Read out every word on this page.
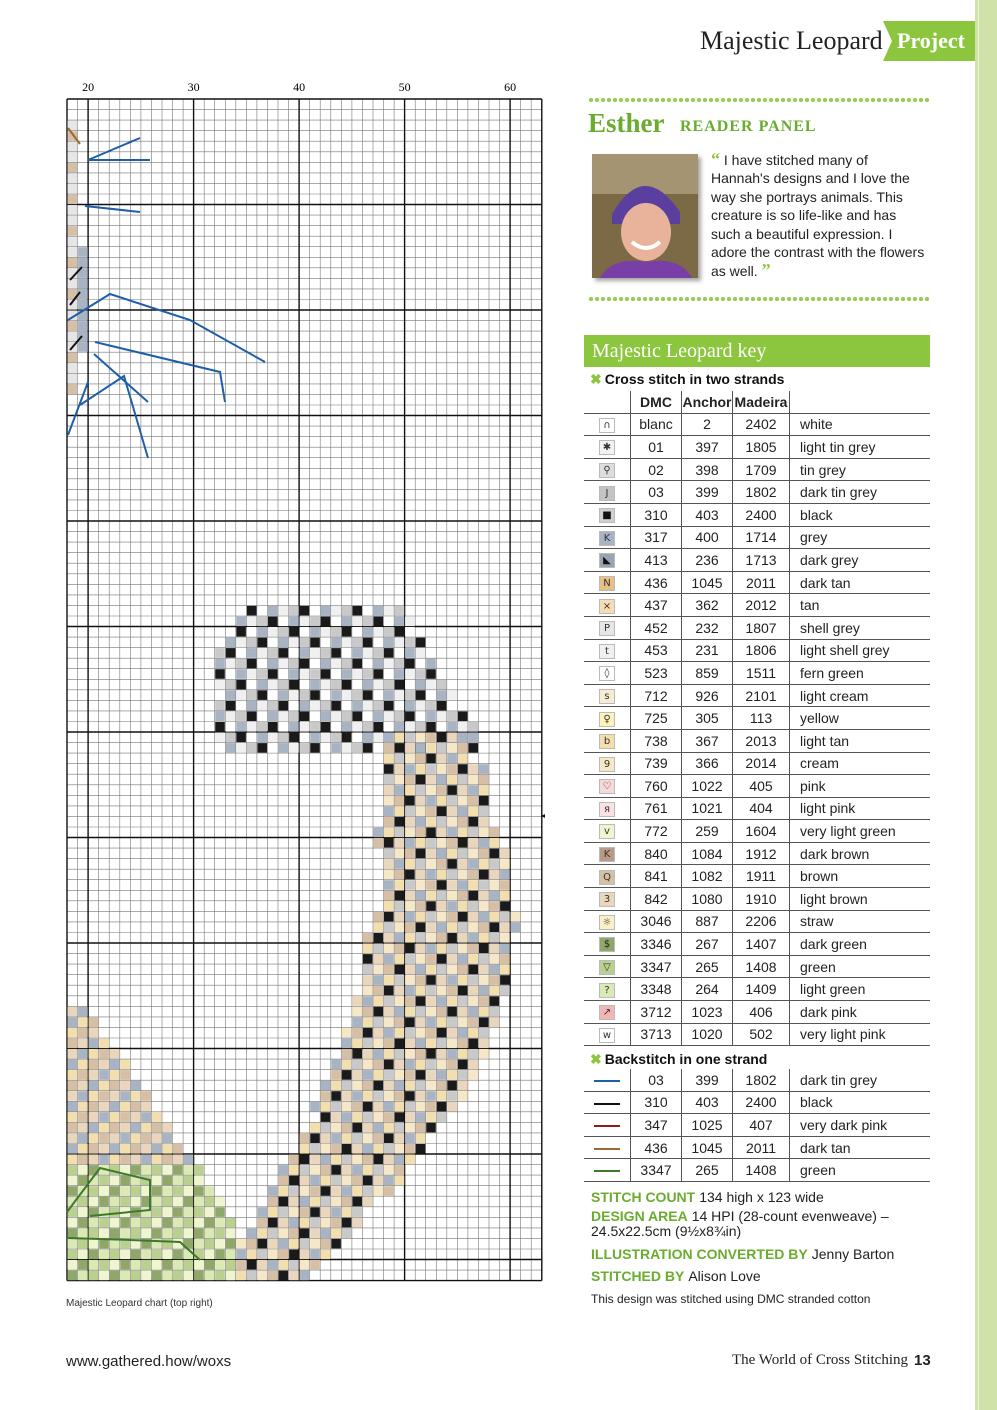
Majestic Leopard Project
20	30	40	50	60
Majestic Leopard chart (top right)
Esther READER PANEL
“ I have stitched many of Hannah's designs and I love the way she portrays animals. This creature is so life-like and has such a beautiful expression. I adore the contrast with the flowers as well. ”
Majestic Leopard key
✖ Cross stitch in two strands
	DMC	Anchor	Madeira	
∩	blanc	2	2402	white
✱	01	397	1805	light tin grey
⚲	02	398	1709	tin grey
J	03	399	1802	dark tin grey
■	310	403	2400	black
K	317	400	1714	grey
◣	413	236	1713	dark grey
N	436	1045	2011	dark tan
×	437	362	2012	tan
P	452	232	1807	shell grey
t	453	231	1806	light shell grey
◊	523	859	1511	fern green
s	712	926	2101	light cream
♀	725	305	113	yellow
b	738	367	2013	light tan
9	739	366	2014	cream
♡	760	1022	405	pink
я	761	1021	404	light pink
v	772	259	1604	very light green
K	840	1084	1912	dark brown
Q	841	1082	1911	brown
3	842	1080	1910	light brown
☼	3046	887	2206	straw
$	3346	267	1407	dark green
▽	3347	265	1408	green
?	3348	264	1409	light green
↗	3712	1023	406	dark pink
w	3713	1020	502	very light pink
✖ Backstitch in one strand
	03	399	1802	dark tin grey
	310	403	2400	black
	347	1025	407	very dark pink
	436	1045	2011	dark tan
	3347	265	1408	green
STITCH COUNT 134 high x 123 wide
DESIGN AREA 14 HPI (28-count evenweave) – 24.5x22.5cm (9½x8¾in)
ILLUSTRATION CONVERTED BY Jenny Barton
STITCHED BY Alison Love
This design was stitched using DMC stranded cotton
www.gathered.how/woxs	The World of Cross Stitching 13
